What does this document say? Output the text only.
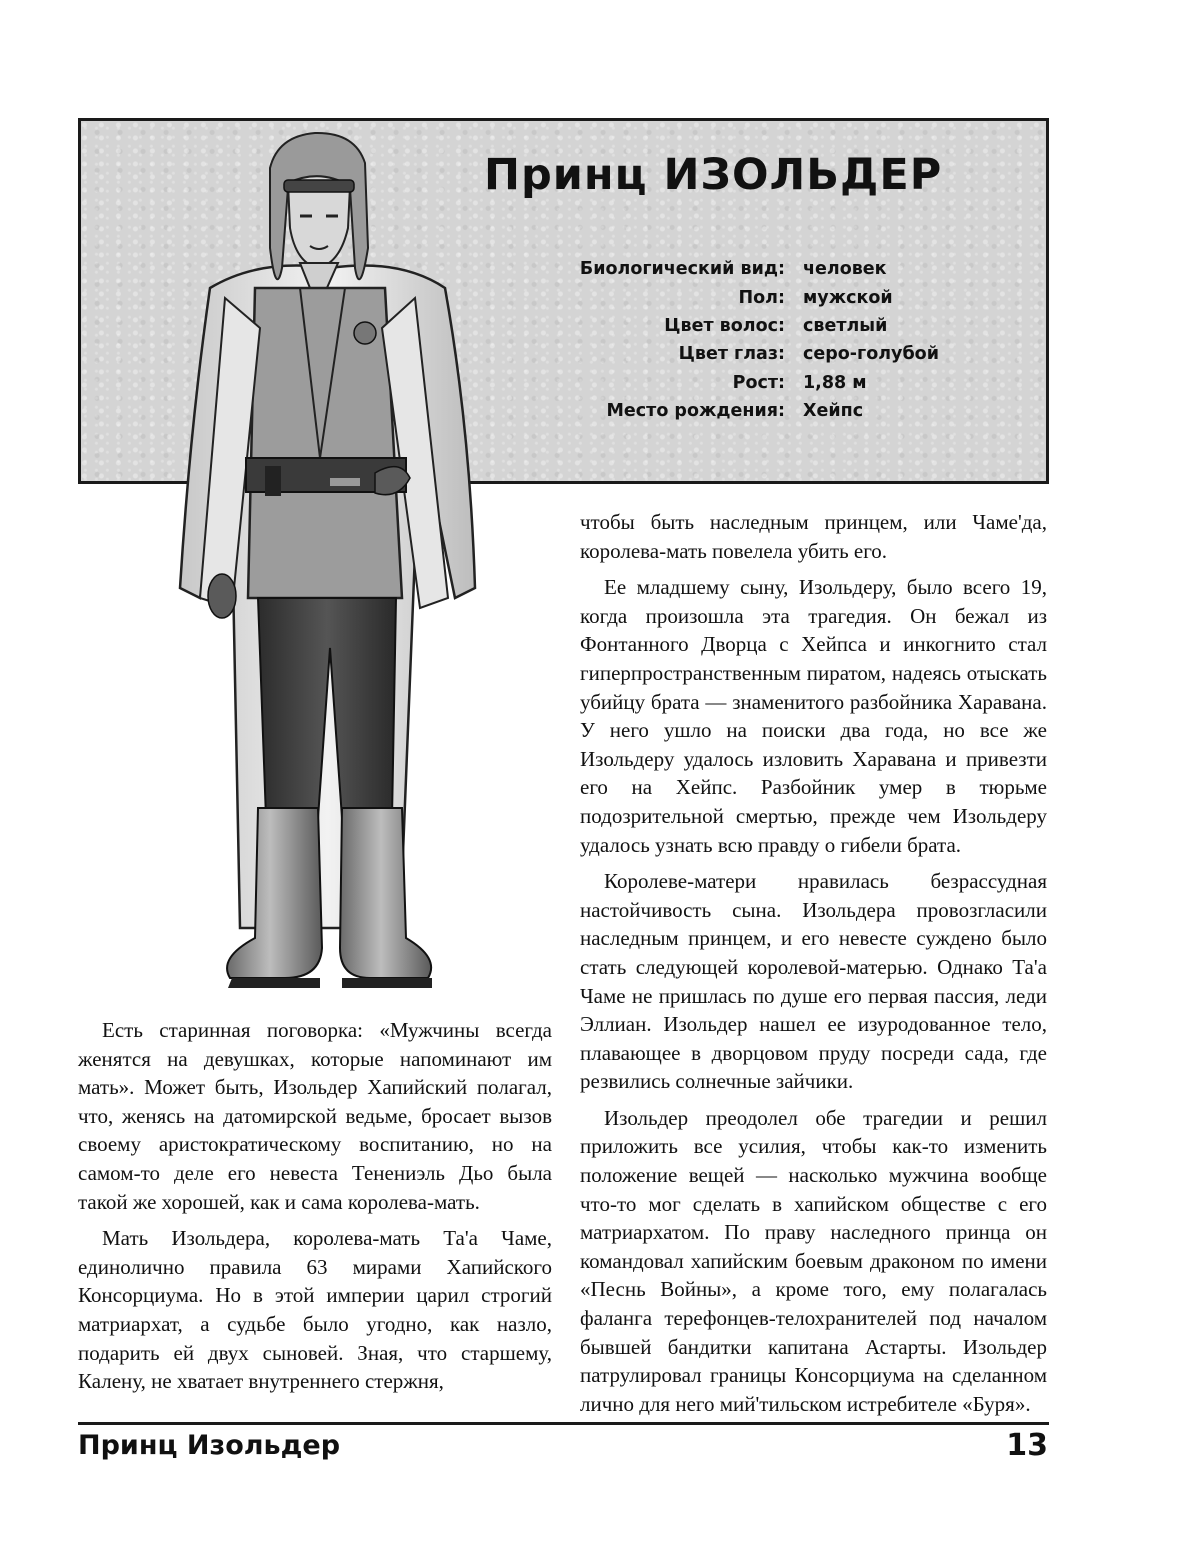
Принц ИЗОЛЬДЕР
Биологический вид: человек
Пол: мужской
Цвет волос: светлый
Цвет глаз: серо-голубой
Рост: 1,88 м
Место рождения: Хейпс

Есть старинная поговорка: «Мужчины всегда женятся на девушках, которые напоминают им мать». Может быть, Изольдер Хапийский полагал, что, женясь на датомирской ведьме, бросает вызов своему аристократическому воспитанию, но на самом-то деле его невеста Тенениэль Дьо была такой же хорошей, как и сама королева-мать.

Мать Изольдера, королева-мать Та'а Чаме, единолично правила 63 мирами Хапийского Консорциума. Но в этой империи царил строгий матриархат, а судьбе было угодно, как назло, подарить ей двух сыновей. Зная, что старшему, Калену, не хватает внутреннего стержня,

чтобы быть наследным принцем, или Чаме'да, королева-мать повелела убить его.

Ее младшему сыну, Изольдеру, было всего 19, когда произошла эта трагедия. Он бежал из Фонтанного Дворца с Хейпса и инкогнито стал гиперпространственным пиратом, надеясь отыскать убийцу брата — знаменитого разбойника Харавана. У него ушло на поиски два года, но все же Изольдеру удалось изловить Харавана и привезти его на Хейпс. Разбойник умер в тюрьме подозрительной смертью, прежде чем Изольдеру удалось узнать всю правду о гибели брата.

Королеве-матери нравилась безрассудная настойчивость сына. Изольдера провозгласили наследным принцем, и его невесте суждено было стать следующей королевой-матерью. Однако Та'а Чаме не пришлась по душе его первая пассия, леди Эллиан. Изольдер нашел ее изуродованное тело, плавающее в дворцовом пруду посреди сада, где резвились солнечные зайчики.

Изольдер преодолел обе трагедии и решил приложить все усилия, чтобы как-то изменить положение вещей — насколько мужчина вообще что-то мог сделать в хапийском обществе с его матриархатом. По праву наследного принца он командовал хапийским боевым драконом по имени «Песнь Войны», а кроме того, ему полагалась фаланга терефонцев-телохранителей под началом бывшей бандитки капитана Астарты. Изольдер патрулировал границы Консорциума на сделанном лично для него мий'тильском истребителе «Буря».

Принц Изольдер	13
